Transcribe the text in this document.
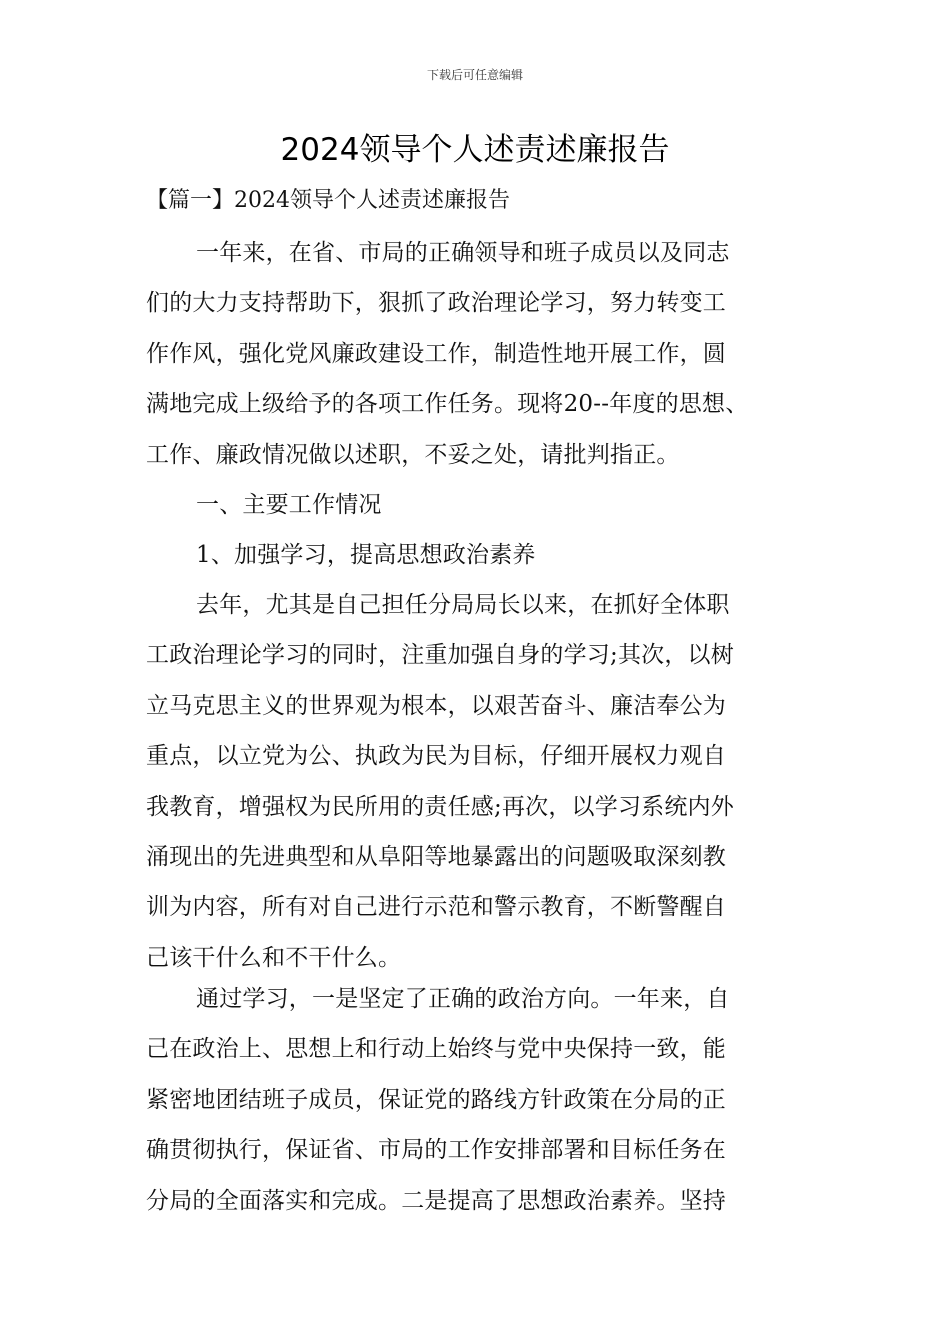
下载后可任意编辑
2024领导个人述责述廉报告
【篇一】2024领导个人述责述廉报告
一年来，在省、市局的正确领导和班子成员以及同志
们的大力支持帮助下，狠抓了政治理论学习，努力转变工
作作风，强化党风廉政建设工作，制造性地开展工作，圆
满地完成上级给予的各项工作任务。现将20--年度的思想、
工作、廉政情况做以述职，不妥之处，请批判指正。
一、主要工作情况
1、加强学习，提高思想政治素养
去年，尤其是自己担任分局局长以来，在抓好全体职
工政治理论学习的同时，注重加强自身的学习;其次，以树
立马克思主义的世界观为根本，以艰苦奋斗、廉洁奉公为
重点，以立党为公、执政为民为目标，仔细开展权力观自
我教育，增强权为民所用的责任感;再次，以学习系统内外
涌现出的先进典型和从阜阳等地暴露出的问题吸取深刻教
训为内容，所有对自己进行示范和警示教育，不断警醒自
己该干什么和不干什么。
通过学习，一是坚定了正确的政治方向。一年来，自
己在政治上、思想上和行动上始终与党中央保持一致，能
紧密地团结班子成员，保证党的路线方针政策在分局的正
确贯彻执行，保证省、市局的工作安排部署和目标任务在
分局的全面落实和完成。二是提高了思想政治素养。坚持
